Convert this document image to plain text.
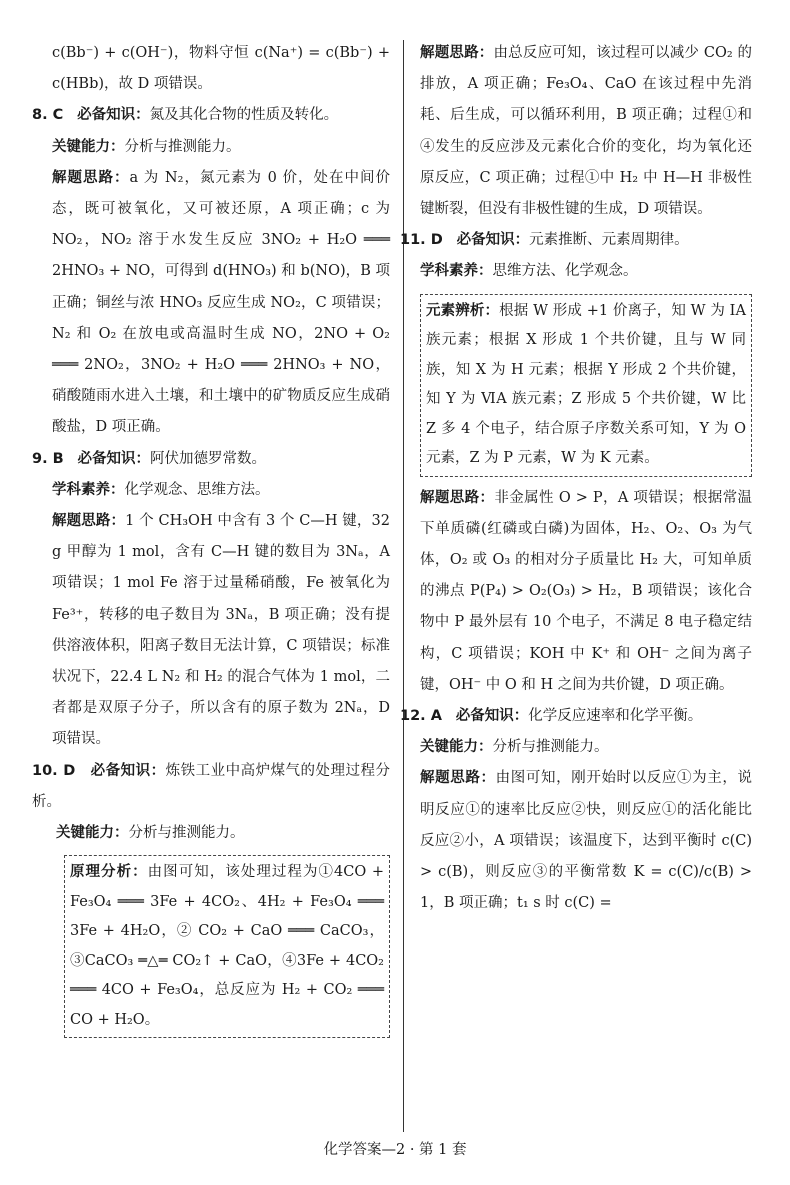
c(Bb⁻) + c(OH⁻)，物料守恒 c(Na⁺) = c(Bb⁻) + c(HBb)，故 D 项错误。

8. C 必备知识：氮及其化合物的性质及转化。

关键能力：分析与推测能力。

解题思路：a 为 N₂，氮元素为 0 价，处在中间价态，既可被氧化，又可被还原，A 项正确；c 为 NO₂，NO₂ 溶于水发生反应 3NO₂ + H₂O ═══ 2HNO₃ + NO，可得到 d(HNO₃) 和 b(NO)，B 项正确；铜丝与浓 HNO₃ 反应生成 NO₂，C 项错误；N₂ 和 O₂ 在放电或高温时生成 NO，2NO + O₂ ═══ 2NO₂，3NO₂ + H₂O ═══ 2HNO₃ + NO，硝酸随雨水进入土壤，和土壤中的矿物质反应生成硝酸盐，D 项正确。

9. B 必备知识：阿伏加德罗常数。

学科素养：化学观念、思维方法。

解题思路：1 个 CH₃OH 中含有 3 个 C—H 键，32 g 甲醇为 1 mol，含有 C—H 键的数目为 3Nₐ，A 项错误；1 mol Fe 溶于过量稀硝酸，Fe 被氧化为 Fe³⁺，转移的电子数目为 3Nₐ，B 项正确；没有提供溶液体积，阳离子数目无法计算，C 项错误；标准状况下，22.4 L N₂ 和 H₂ 的混合气体为 1 mol，二者都是双原子分子，所以含有的原子数为 2Nₐ，D 项错误。

10. D 必备知识：炼铁工业中高炉煤气的处理过程分析。

关键能力：分析与推测能力。

原理分析：由图可知，该处理过程为①4CO + Fe₃O₄ ═══ 3Fe + 4CO₂、4H₂ + Fe₃O₄ ═══ 3Fe + 4H₂O，② CO₂ + CaO ═══ CaCO₃，③CaCO₃ ═△═ CO₂↑ + CaO，④3Fe + 4CO₂ ═══ 4CO + Fe₃O₄，总反应为 H₂ + CO₂ ═══ CO + H₂O。

解题思路：由总反应可知，该过程可以减少 CO₂ 的排放，A 项正确；Fe₃O₄、CaO 在该过程中先消耗、后生成，可以循环利用，B 项正确；过程①和④发生的反应涉及元素化合价的变化，均为氧化还原反应，C 项正确；过程①中 H₂ 中 H—H 非极性键断裂，但没有非极性键的生成，D 项错误。

11. D 必备知识：元素推断、元素周期律。

学科素养：思维方法、化学观念。

元素辨析：根据 W 形成 +1 价离子，知 W 为 ⅠA 族元素；根据 X 形成 1 个共价键，且与 W 同族，知 X 为 H 元素；根据 Y 形成 2 个共价键，知 Y 为 ⅥA 族元素；Z 形成 5 个共价键，W 比 Z 多 4 个电子，结合原子序数关系可知，Y 为 O 元素，Z 为 P 元素，W 为 K 元素。

解题思路：非金属性 O > P，A 项错误；根据常温下单质磷(红磷或白磷)为固体，H₂、O₂、O₃ 为气体，O₂ 或 O₃ 的相对分子质量比 H₂ 大，可知单质的沸点 P(P₄) > O₂(O₃) > H₂，B 项错误；该化合物中 P 最外层有 10 个电子，不满足 8 电子稳定结构，C 项错误；KOH 中 K⁺ 和 OH⁻ 之间为离子键，OH⁻ 中 O 和 H 之间为共价键，D 项正确。

12. A 必备知识：化学反应速率和化学平衡。

关键能力：分析与推测能力。

解题思路：由图可知，刚开始时以反应①为主，说明反应①的速率比反应②快，则反应①的活化能比反应②小，A 项错误；该温度下，达到平衡时 c(C) > c(B)，则反应③的平衡常数 K = c(C)/c(B) > 1，B 项正确；t₁ s 时 c(C) =

化学答案—2 · 第 1 套
